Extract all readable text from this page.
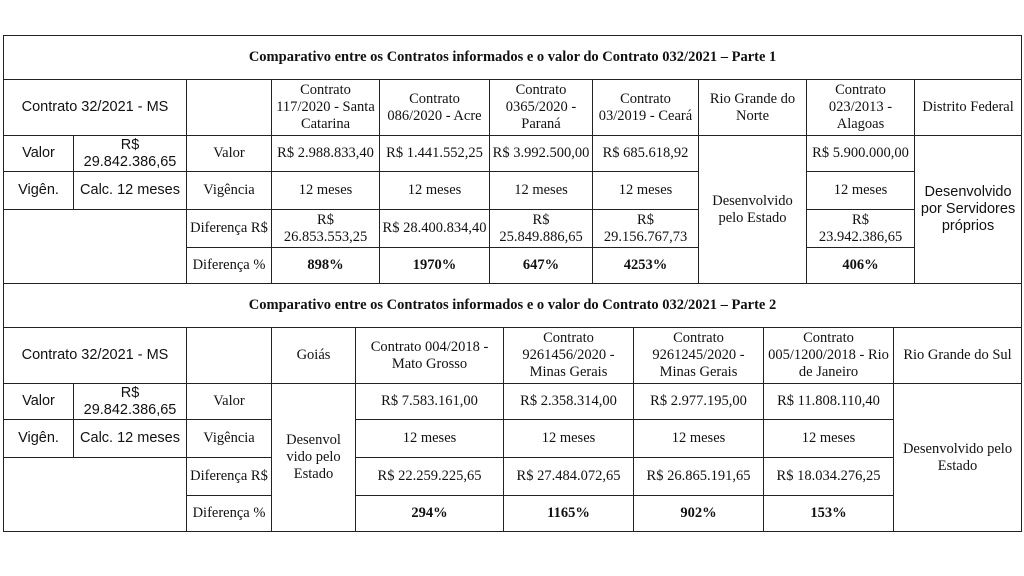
Comparativo entre os Contratos informados e o valor do Contrato 032/2021 – Parte 1									
Contrato 32/2021 - MS			Contrato 117/2020 - Santa Catarina	Contrato 086/2020 - Acre	Contrato 0365/2020 - Paraná	Contrato 03/2019 - Ceará	Rio Grande do Norte	Contrato 023/2013 - Alagoas	Distrito Federal
Valor	R$ 29.842.386,65	Valor	R$ 2.988.833,40	R$ 1.441.552,25	R$ 3.992.500,00	R$ 685.618,92	Desenvolvido pelo Estado	R$ 5.900.000,00	Desenvolvido por Servidores próprios
Vigên.	Calc. 12 meses	Vigência	12 meses	12 meses	12 meses	12 meses		12 meses	
		Diferença R$	R$ 26.853.553,25	R$ 28.400.834,40	R$ 25.849.886,65	R$ 29.156.767,73		R$ 23.942.386,65	
		Diferença %	898%	1970%	647%	4253%		406%	
Comparativo entre os Contratos informados e o valor do Contrato 032/2021 – Parte 2								
Contrato 32/2021 - MS			Goiás	Contrato 004/2018 - Mato Grosso	Contrato 9261456/2020 - Minas Gerais	Contrato 9261245/2020 - Minas Gerais	Contrato 005/1200/2018 - Rio de Janeiro	Rio Grande do Sul
Valor	R$ 29.842.386,65	Valor	Desenvol vido pelo Estado	R$ 7.583.161,00	R$ 2.358.314,00	R$ 2.977.195,00	R$ 11.808.110,40	Desenvolvido pelo Estado
Vigên.	Calc. 12 meses	Vigência		12 meses	12 meses	12 meses	12 meses	
		Diferença R$		R$ 22.259.225,65	R$ 27.484.072,65	R$ 26.865.191,65	R$ 18.034.276,25	
		Diferença %		294%	1165%	902%	153%	
